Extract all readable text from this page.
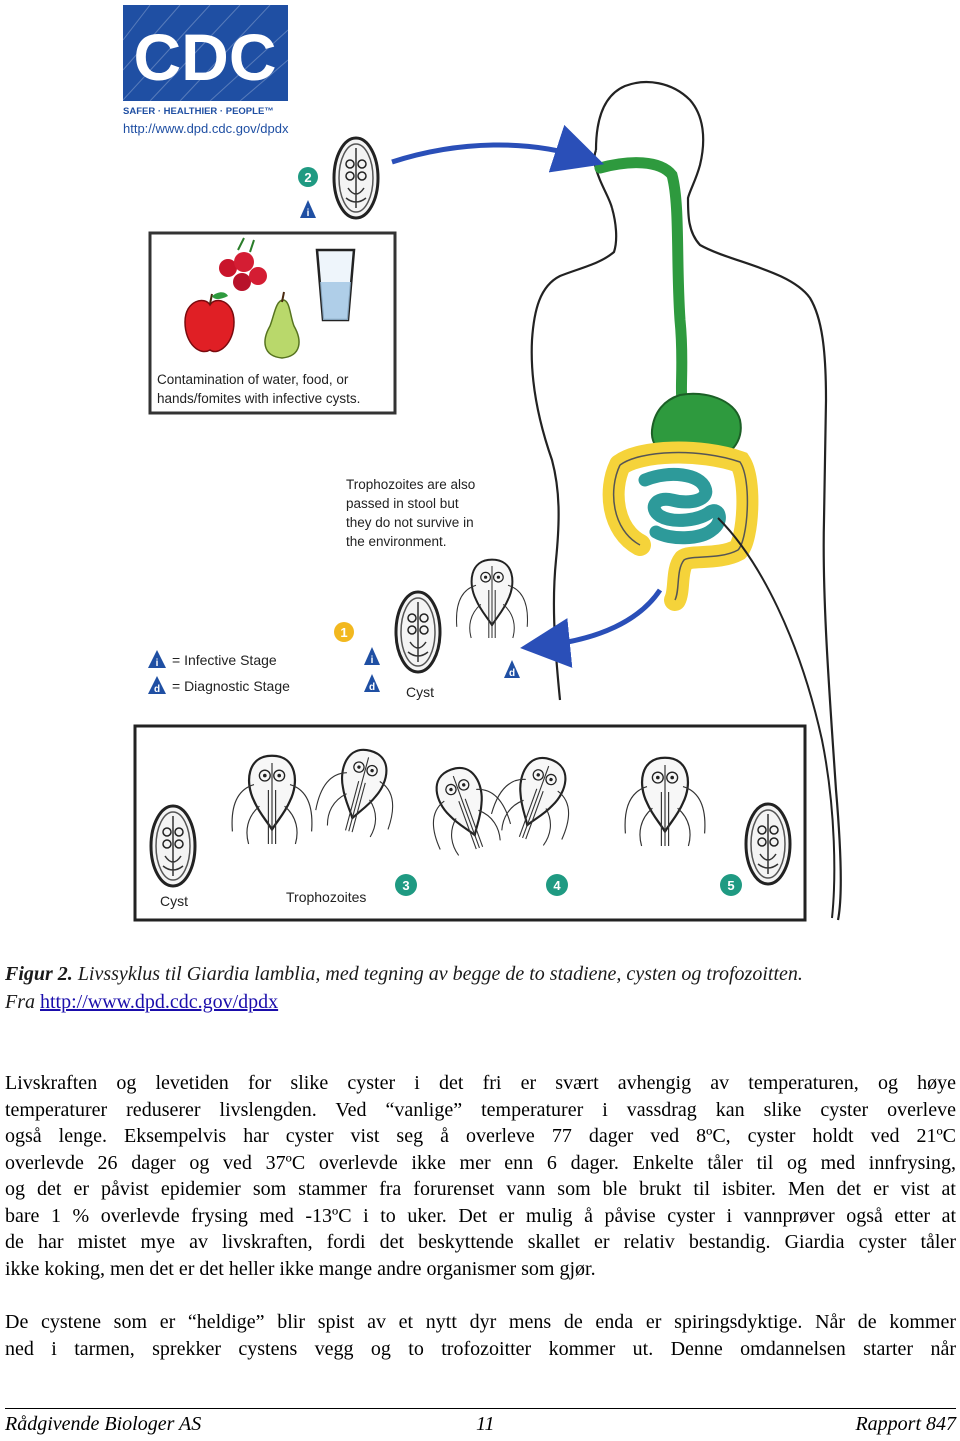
CDC
SAFER · HEALTHIER · PEOPLE™
http://www.dpd.cdc.gov/dpdx
2
i
Contamination of water, food, or
hands/fomites with infective cysts.
Trophozoites are also
passed in stool but
they do not survive in
the environment.
Cyst
1
i
d
d
i = Infective Stage
d = Diagnostic Stage
Cyst	Trophozoites
3	4	5
Figur 2. Livssyklus til Giardia lamblia, med tegning av begge de to stadiene, cysten og trofozoitten.
Fra http://www.dpd.cdc.gov/dpdx
Livskraften og levetiden for slike cyster i det fri er svært avhengig av temperaturen, og høye
temperaturer reduserer livslengden. Ved “vanlige” temperaturer i vassdrag kan slike cyster overleve
også lenge. Eksempelvis har cyster vist seg å overleve 77 dager ved 8ºC, cyster holdt ved 21ºC
overlevde 26 dager og ved 37ºC overlevde ikke mer enn 6 dager. Enkelte tåler til og med innfrysing,
og det er påvist epidemier som stammer fra forurenset vann som ble brukt til isbiter. Men det er vist at
bare 1 % overlevde frysing med -13ºC i to uker. Det er mulig å påvise cyster i vannprøver også etter at
de har mistet mye av livskraften, fordi det beskyttende skallet er relativ bestandig. Giardia cyster tåler
ikke koking, men det er det heller ikke mange andre organismer som gjør.
De cystene som er “heldige” blir spist av et nytt dyr mens de enda er spiringsdyktige. Når de kommer
ned i tarmen, sprekker cystens vegg og to trofozoitter kommer ut. Denne omdannelsen starter når
Rådgivende Biologer AS	11	Rapport 847
